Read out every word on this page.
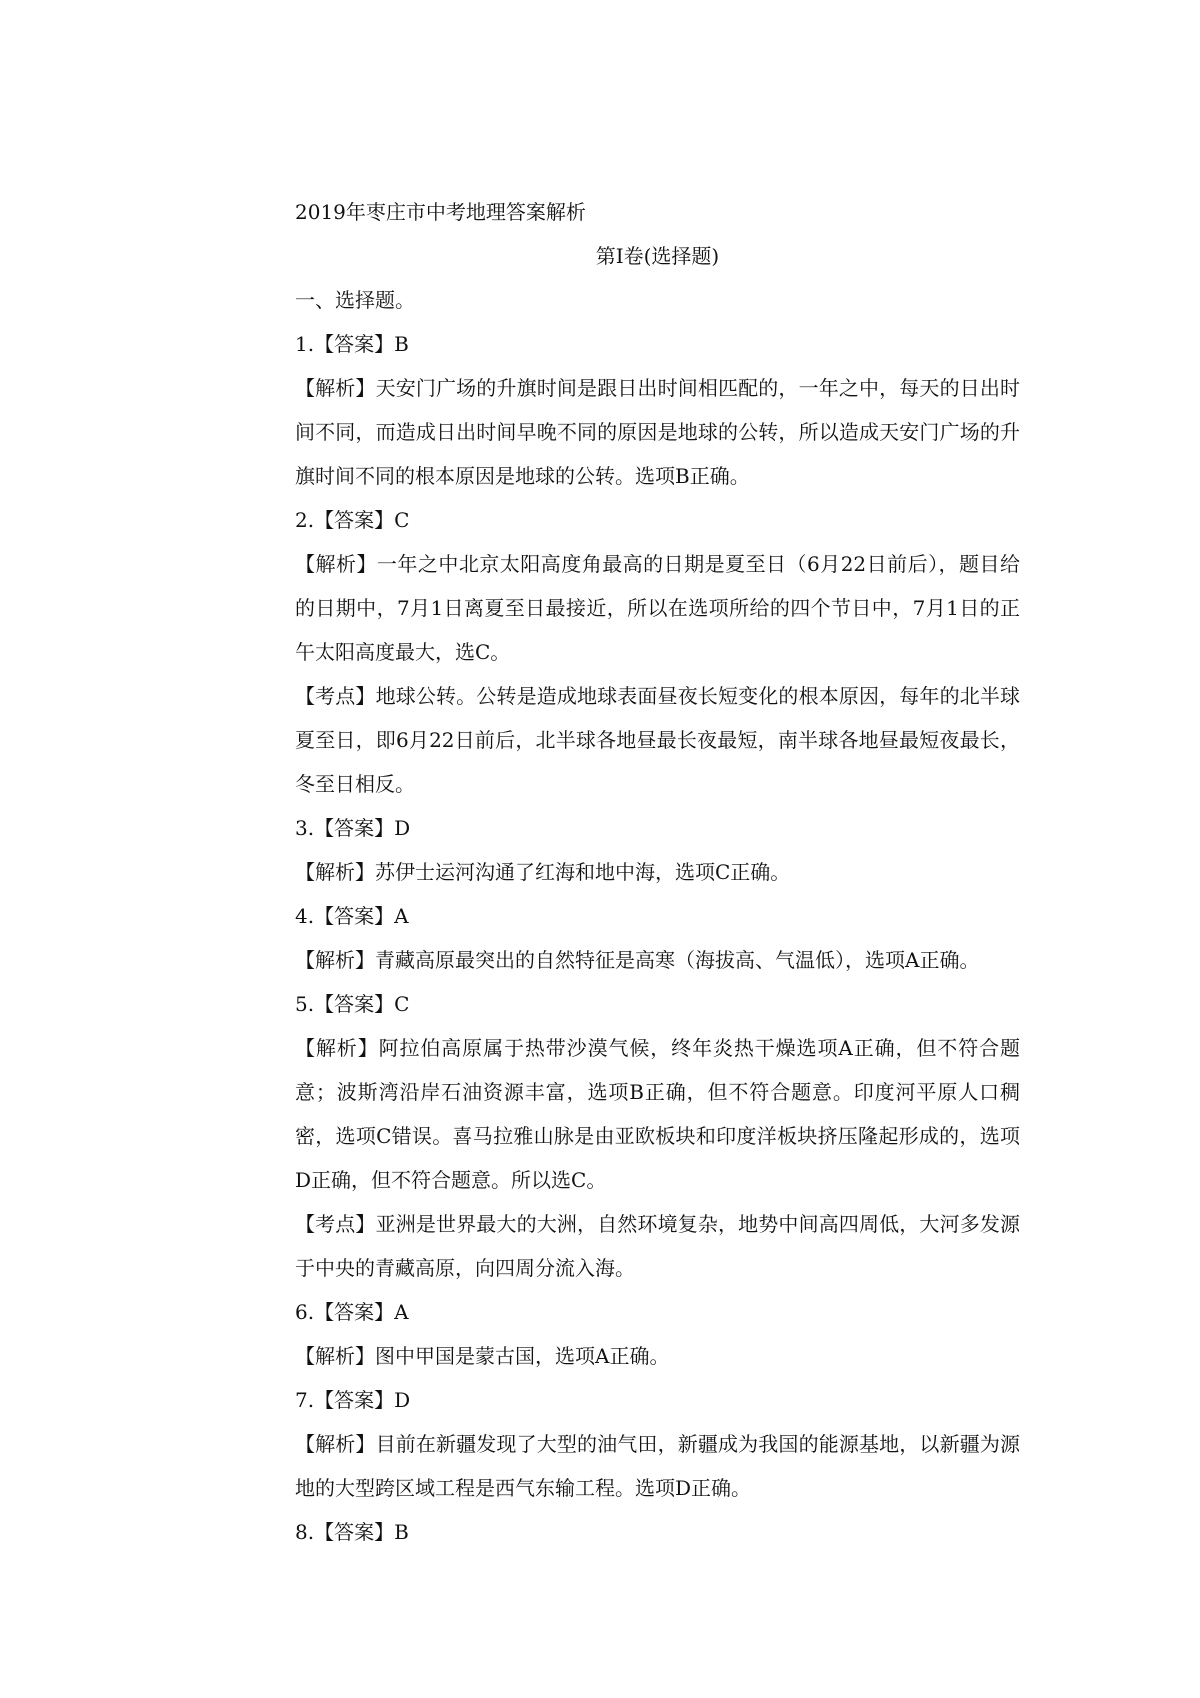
2019年枣庄市中考地理答案解析
第Ⅰ卷(选择题)
一、选择题。
1.【答案】B
【解析】天安门广场的升旗时间是跟日出时间相匹配的，一年之中，每天的日出时间不同，而造成日出时间早晚不同的原因是地球的公转，所以造成天安门广场的升旗时间不同的根本原因是地球的公转。选项B正确。
2.【答案】C
【解析】一年之中北京太阳高度角最高的日期是夏至日（6月22日前后），题目给的日期中，7月1日离夏至日最接近，所以在选项所给的四个节日中，7月1日的正午太阳高度最大，选C。
【考点】地球公转。公转是造成地球表面昼夜长短变化的根本原因，每年的北半球夏至日，即6月22日前后，北半球各地昼最长夜最短，南半球各地昼最短夜最长，冬至日相反。
3.【答案】D
【解析】苏伊士运河沟通了红海和地中海，选项C正确。
4.【答案】A
【解析】青藏高原最突出的自然特征是高寒（海拔高、气温低），选项A正确。
5.【答案】C
【解析】阿拉伯高原属于热带沙漠气候，终年炎热干燥选项A正确，但不符合题意；波斯湾沿岸石油资源丰富，选项B正确，但不符合题意。印度河平原人口稠密，选项C错误。喜马拉雅山脉是由亚欧板块和印度洋板块挤压隆起形成的，选项D正确，但不符合题意。所以选C。
【考点】亚洲是世界最大的大洲，自然环境复杂，地势中间高四周低，大河多发源于中央的青藏高原，向四周分流入海。
6.【答案】A
【解析】图中甲国是蒙古国，选项A正确。
7.【答案】D
【解析】目前在新疆发现了大型的油气田，新疆成为我国的能源基地，以新疆为源地的大型跨区域工程是西气东输工程。选项D正确。
8.【答案】B
